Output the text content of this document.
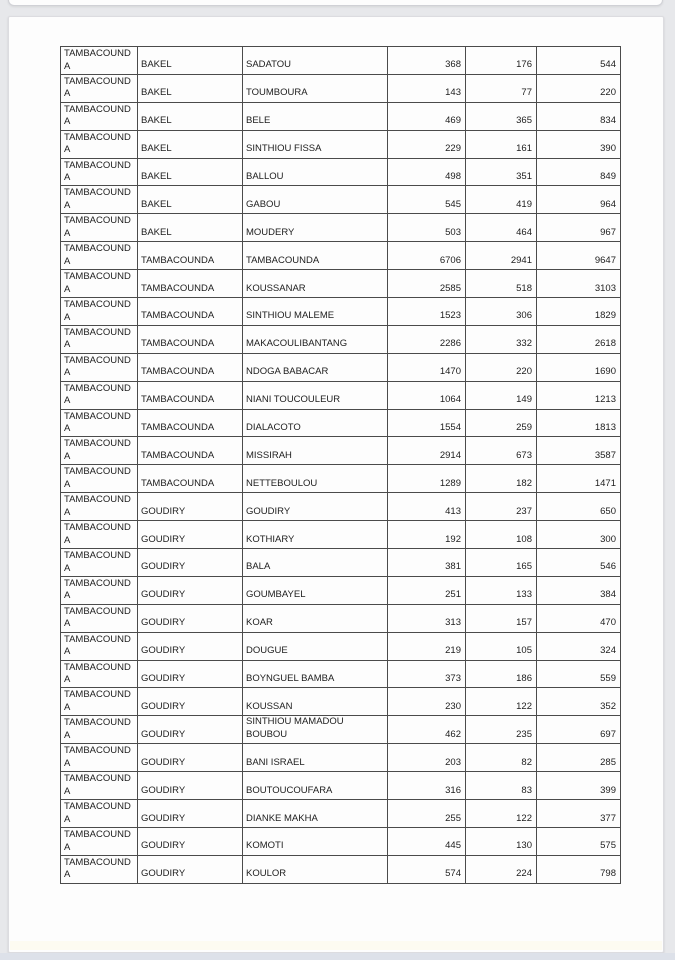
TAMBACOUNDA	BAKEL	SADATOU	368	176	544
TAMBACOUNDA	BAKEL	TOUMBOURA	143	77	220
TAMBACOUNDA	BAKEL	BELE	469	365	834
TAMBACOUNDA	BAKEL	SINTHIOU FISSA	229	161	390
TAMBACOUNDA	BAKEL	BALLOU	498	351	849
TAMBACOUNDA	BAKEL	GABOU	545	419	964
TAMBACOUNDA	BAKEL	MOUDERY	503	464	967
TAMBACOUNDA	TAMBACOUNDA	TAMBACOUNDA	6706	2941	9647
TAMBACOUNDA	TAMBACOUNDA	KOUSSANAR	2585	518	3103
TAMBACOUNDA	TAMBACOUNDA	SINTHIOU MALEME	1523	306	1829
TAMBACOUNDA	TAMBACOUNDA	MAKACOULIBANTANG	2286	332	2618
TAMBACOUNDA	TAMBACOUNDA	NDOGA BABACAR	1470	220	1690
TAMBACOUNDA	TAMBACOUNDA	NIANI TOUCOULEUR	1064	149	1213
TAMBACOUNDA	TAMBACOUNDA	DIALACOTO	1554	259	1813
TAMBACOUNDA	TAMBACOUNDA	MISSIRAH	2914	673	3587
TAMBACOUNDA	TAMBACOUNDA	NETTEBOULOU	1289	182	1471
TAMBACOUNDA	GOUDIRY	GOUDIRY	413	237	650
TAMBACOUNDA	GOUDIRY	KOTHIARY	192	108	300
TAMBACOUNDA	GOUDIRY	BALA	381	165	546
TAMBACOUNDA	GOUDIRY	GOUMBAYEL	251	133	384
TAMBACOUNDA	GOUDIRY	KOAR	313	157	470
TAMBACOUNDA	GOUDIRY	DOUGUE	219	105	324
TAMBACOUNDA	GOUDIRY	BOYNGUEL BAMBA	373	186	559
TAMBACOUNDA	GOUDIRY	KOUSSAN	230	122	352
TAMBACOUNDA	GOUDIRY	SINTHIOU MAMADOU BOUBOU	462	235	697
TAMBACOUNDA	GOUDIRY	BANI ISRAEL	203	82	285
TAMBACOUNDA	GOUDIRY	BOUTOUCOUFARA	316	83	399
TAMBACOUNDA	GOUDIRY	DIANKE MAKHA	255	122	377
TAMBACOUNDA	GOUDIRY	KOMOTI	445	130	575
TAMBACOUNDA	GOUDIRY	KOULOR	574	224	798
